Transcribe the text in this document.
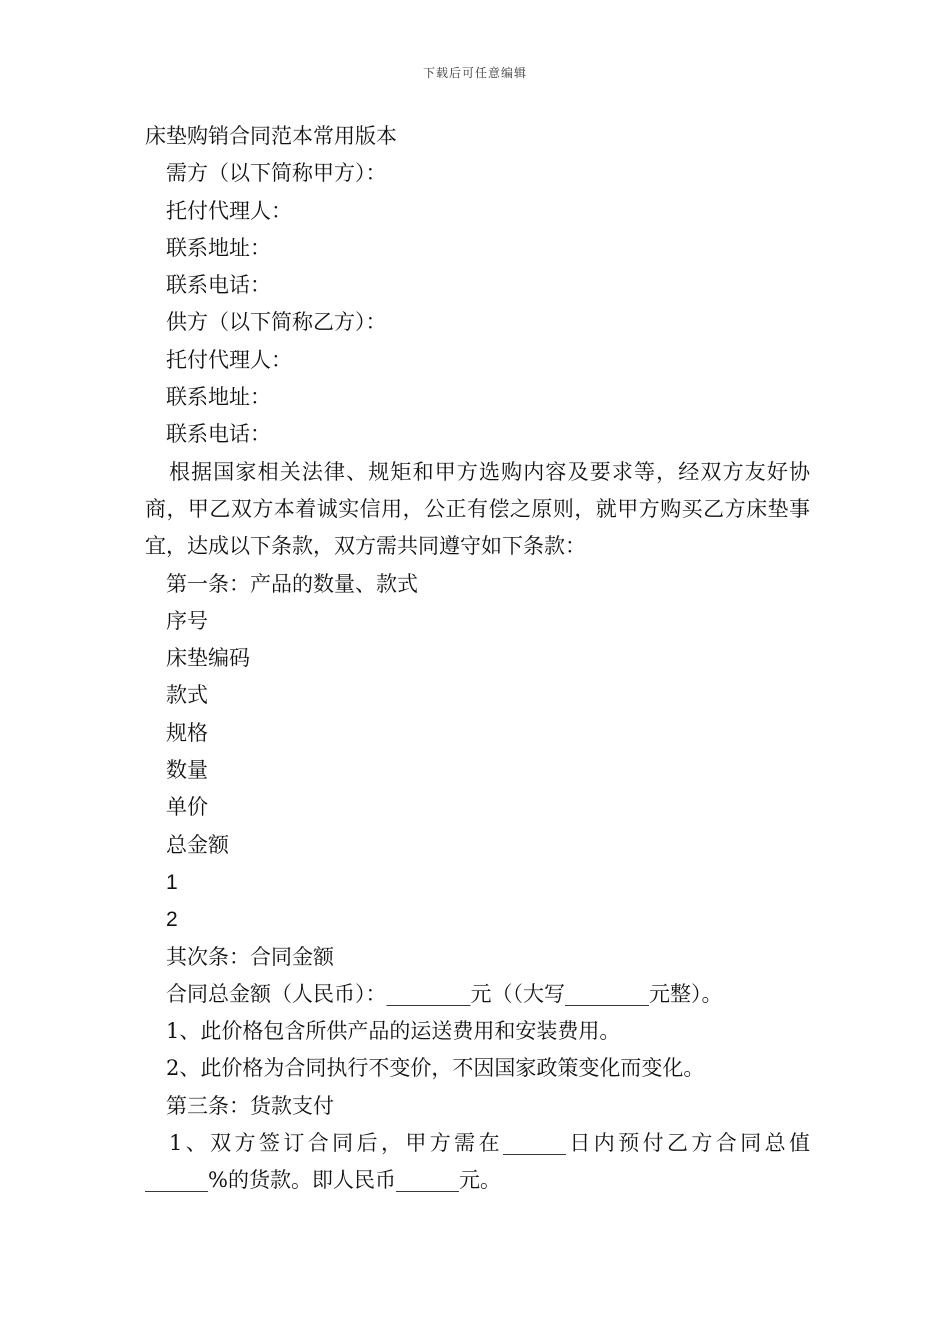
下载后可任意编辑
床垫购销合同范本常用版本
需方（以下简称甲方）：
托付代理人：
联系地址：
联系电话：
供方（以下简称乙方）：
托付代理人：
联系地址：
联系电话：
根据国家相关法律、规矩和甲方选购内容及要求等，经双方友好协商，甲乙双方本着诚实信用，公正有偿之原则，就甲方购买乙方床垫事宜，达成以下条款，双方需共同遵守如下条款：
第一条：产品的数量、款式
序号
床垫编码
款式
规格
数量
单价
总金额
1
2
其次条：合同金额
合同总金额（人民币）：________元（（大写________元整）。
1、此价格包含所供产品的运送费用和安装费用。
2、此价格为合同执行不变价，不因国家政策变化而变化。
第三条：货款支付
1、双方签订合同后，甲方需在______日内预付乙方合同总值______%的货款。即人民币______元。
